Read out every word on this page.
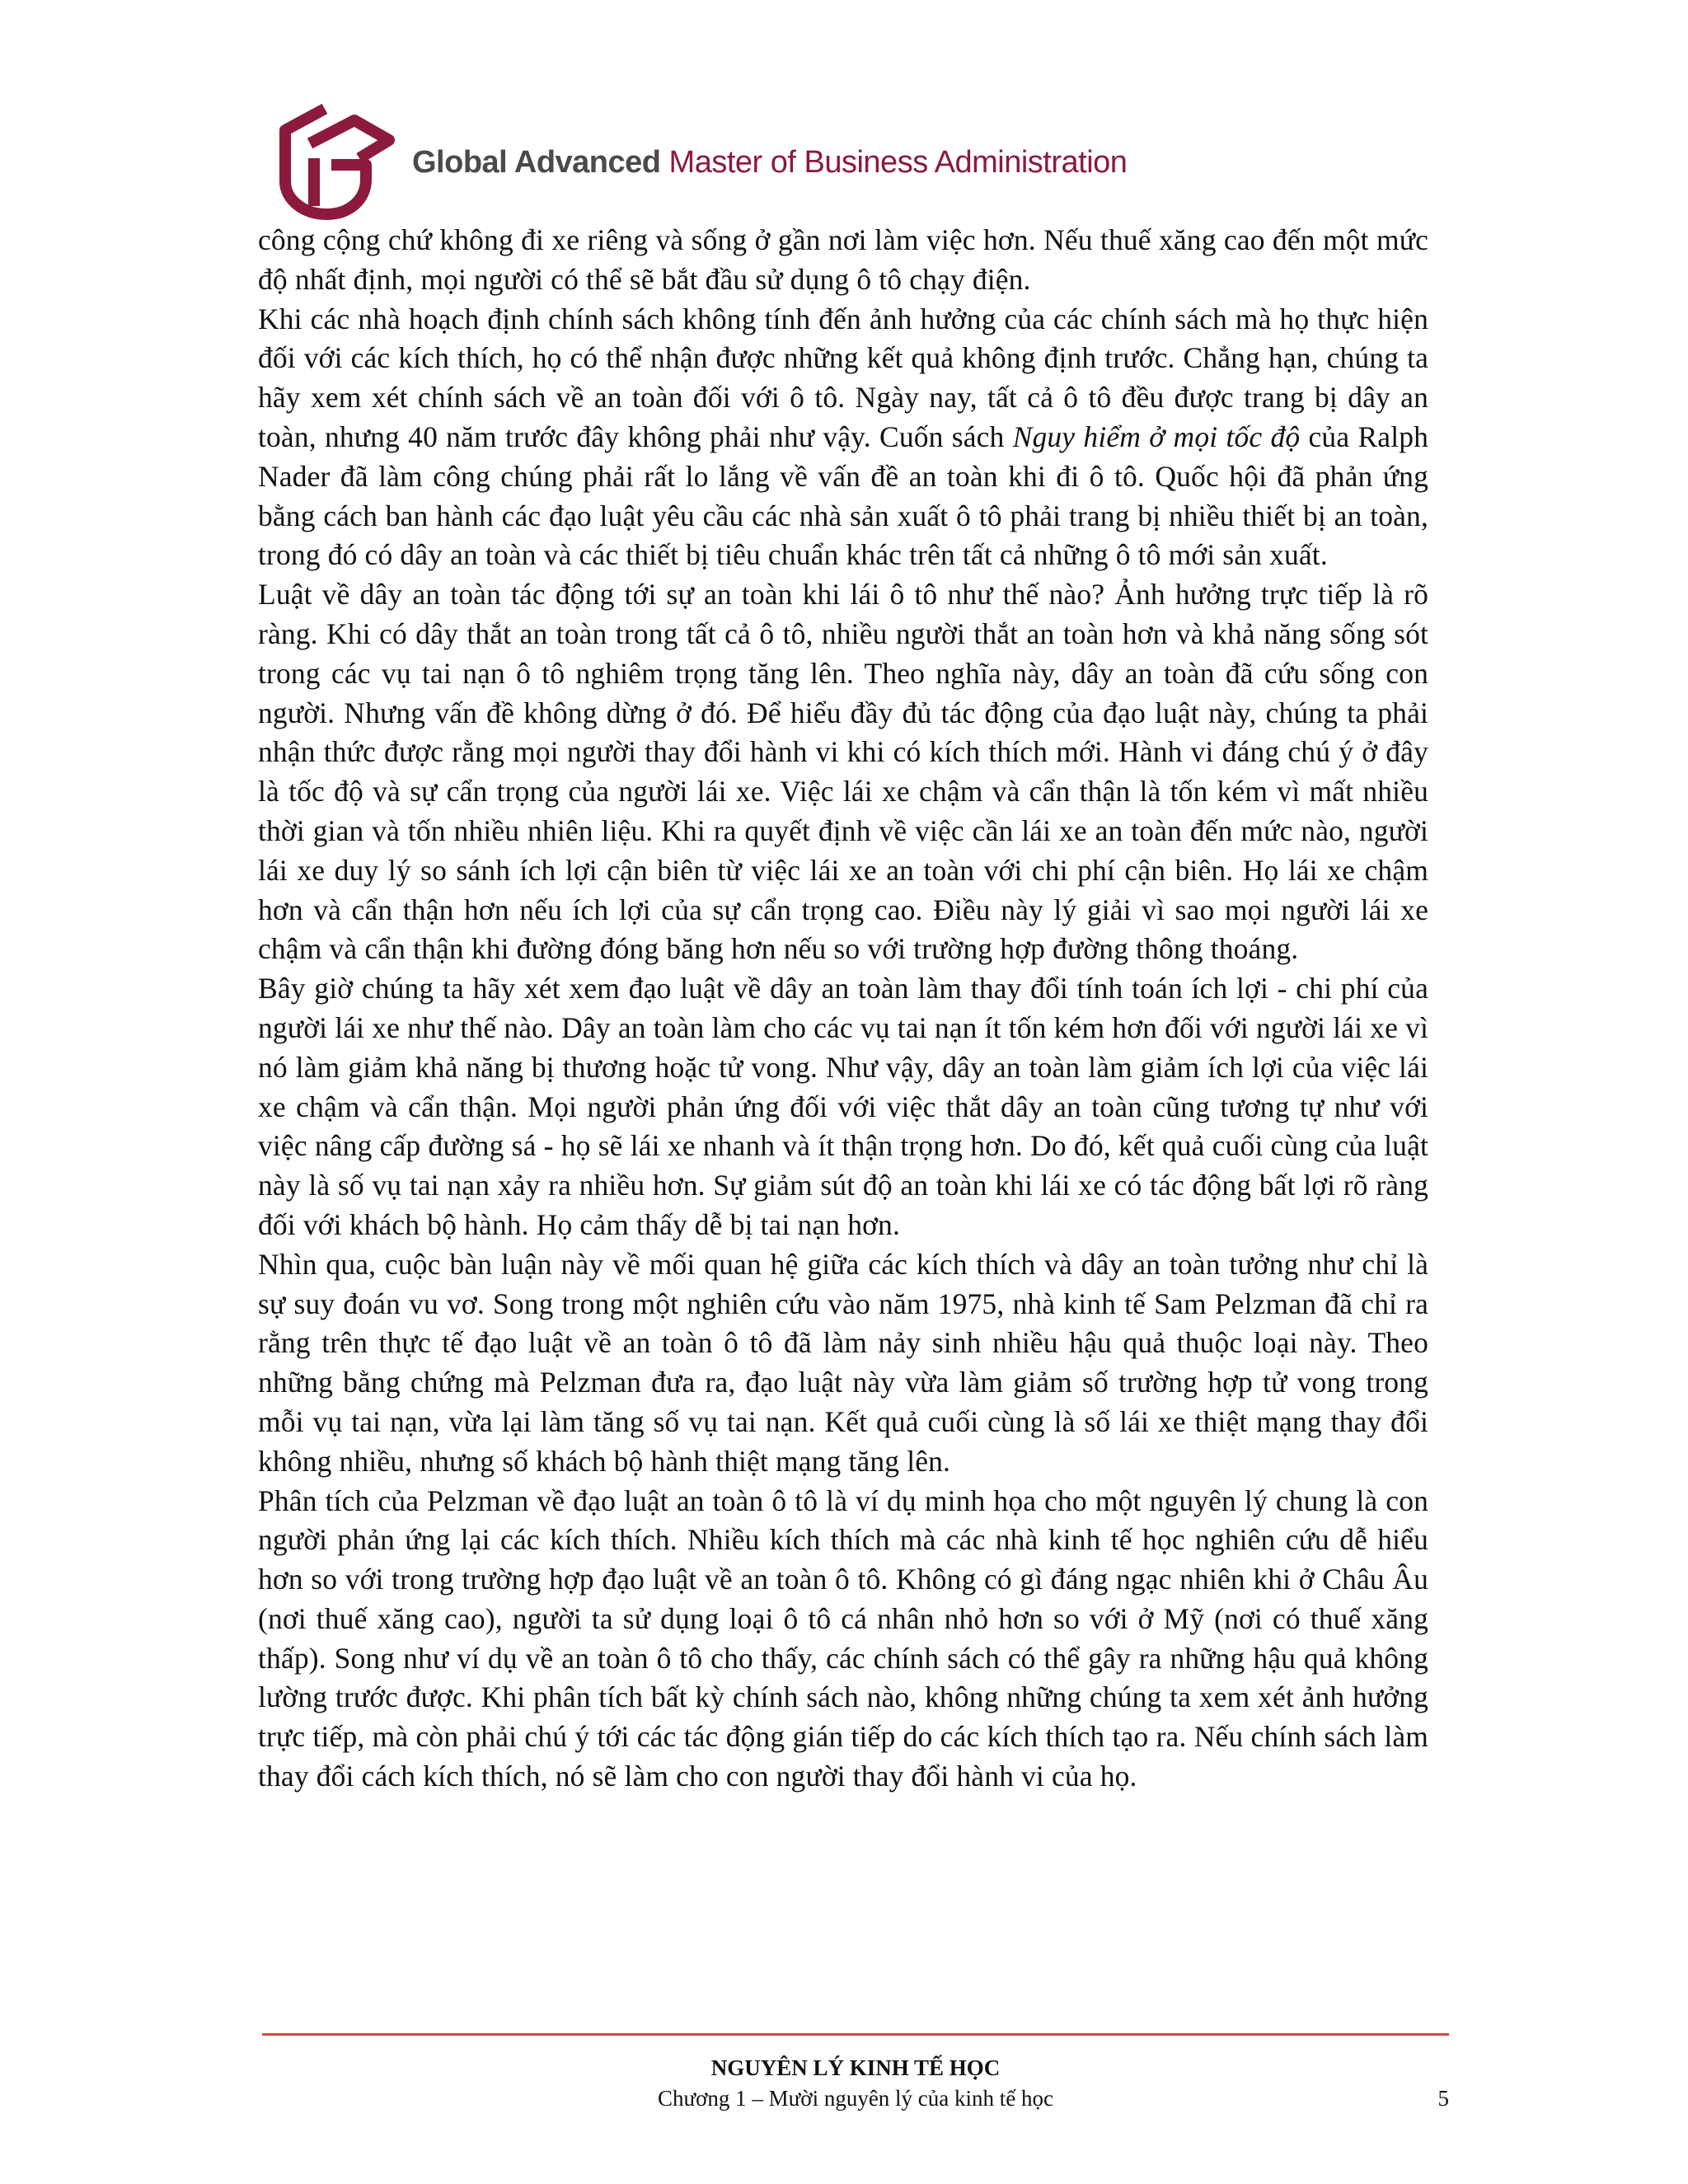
Global Advanced Master of Business Administration

công cộng chứ không đi xe riêng và sống ở gần nơi làm việc hơn. Nếu thuế xăng cao đến một mức độ nhất định, mọi người có thể sẽ bắt đầu sử dụng ô tô chạy điện.

Khi các nhà hoạch định chính sách không tính đến ảnh hưởng của các chính sách mà họ thực hiện đối với các kích thích, họ có thể nhận được những kết quả không định trước. Chẳng hạn, chúng ta hãy xem xét chính sách về an toàn đối với ô tô. Ngày nay, tất cả ô tô đều được trang bị dây an toàn, nhưng 40 năm trước đây không phải như vậy. Cuốn sách Nguy hiểm ở mọi tốc độ của Ralph Nader đã làm công chúng phải rất lo lắng về vấn đề an toàn khi đi ô tô. Quốc hội đã phản ứng bằng cách ban hành các đạo luật yêu cầu các nhà sản xuất ô tô phải trang bị nhiều thiết bị an toàn, trong đó có dây an toàn và các thiết bị tiêu chuẩn khác trên tất cả những ô tô mới sản xuất.

Luật về dây an toàn tác động tới sự an toàn khi lái ô tô như thế nào? Ảnh hưởng trực tiếp là rõ ràng. Khi có dây thắt an toàn trong tất cả ô tô, nhiều người thắt an toàn hơn và khả năng sống sót trong các vụ tai nạn ô tô nghiêm trọng tăng lên. Theo nghĩa này, dây an toàn đã cứu sống con người. Nhưng vấn đề không dừng ở đó. Để hiểu đầy đủ tác động của đạo luật này, chúng ta phải nhận thức được rằng mọi người thay đổi hành vi khi có kích thích mới. Hành vi đáng chú ý ở đây là tốc độ và sự cẩn trọng của người lái xe. Việc lái xe chậm và cẩn thận là tốn kém vì mất nhiều thời gian và tốn nhiều nhiên liệu. Khi ra quyết định về việc cần lái xe an toàn đến mức nào, người lái xe duy lý so sánh ích lợi cận biên từ việc lái xe an toàn với chi phí cận biên. Họ lái xe chậm hơn và cẩn thận hơn nếu ích lợi của sự cẩn trọng cao. Điều này lý giải vì sao mọi người lái xe chậm và cẩn thận khi đường đóng băng hơn nếu so với trường hợp đường thông thoáng.

Bây giờ chúng ta hãy xét xem đạo luật về dây an toàn làm thay đổi tính toán ích lợi - chi phí của người lái xe như thế nào. Dây an toàn làm cho các vụ tai nạn ít tốn kém hơn đối với người lái xe vì nó làm giảm khả năng bị thương hoặc tử vong. Như vậy, dây an toàn làm giảm ích lợi của việc lái xe chậm và cẩn thận. Mọi người phản ứng đối với việc thắt dây an toàn cũng tương tự như với việc nâng cấp đường sá - họ sẽ lái xe nhanh và ít thận trọng hơn. Do đó, kết quả cuối cùng của luật này là số vụ tai nạn xảy ra nhiều hơn. Sự giảm sút độ an toàn khi lái xe có tác động bất lợi rõ ràng đối với khách bộ hành. Họ cảm thấy dễ bị tai nạn hơn.

Nhìn qua, cuộc bàn luận này về mối quan hệ giữa các kích thích và dây an toàn tưởng như chỉ là sự suy đoán vu vơ. Song trong một nghiên cứu vào năm 1975, nhà kinh tế Sam Pelzman đã chỉ ra rằng trên thực tế đạo luật về an toàn ô tô đã làm nảy sinh nhiều hậu quả thuộc loại này. Theo những bằng chứng mà Pelzman đưa ra, đạo luật này vừa làm giảm số trường hợp tử vong trong mỗi vụ tai nạn, vừa lại làm tăng số vụ tai nạn. Kết quả cuối cùng là số lái xe thiệt mạng thay đổi không nhiều, nhưng số khách bộ hành thiệt mạng tăng lên.

Phân tích của Pelzman về đạo luật an toàn ô tô là ví dụ minh họa cho một nguyên lý chung là con người phản ứng lại các kích thích. Nhiều kích thích mà các nhà kinh tế học nghiên cứu dễ hiểu hơn so với trong trường hợp đạo luật về an toàn ô tô. Không có gì đáng ngạc nhiên khi ở Châu Âu (nơi thuế xăng cao), người ta sử dụng loại ô tô cá nhân nhỏ hơn so với ở Mỹ (nơi có thuế xăng thấp). Song như ví dụ về an toàn ô tô cho thấy, các chính sách có thể gây ra những hậu quả không lường trước được. Khi phân tích bất kỳ chính sách nào, không những chúng ta xem xét ảnh hưởng trực tiếp, mà còn phải chú ý tới các tác động gián tiếp do các kích thích tạo ra. Nếu chính sách làm thay đổi cách kích thích, nó sẽ làm cho con người thay đổi hành vi của họ.

NGUYÊN LÝ KINH TẾ HỌC
Chương 1 – Mười nguyên lý của kinh tế học	5
